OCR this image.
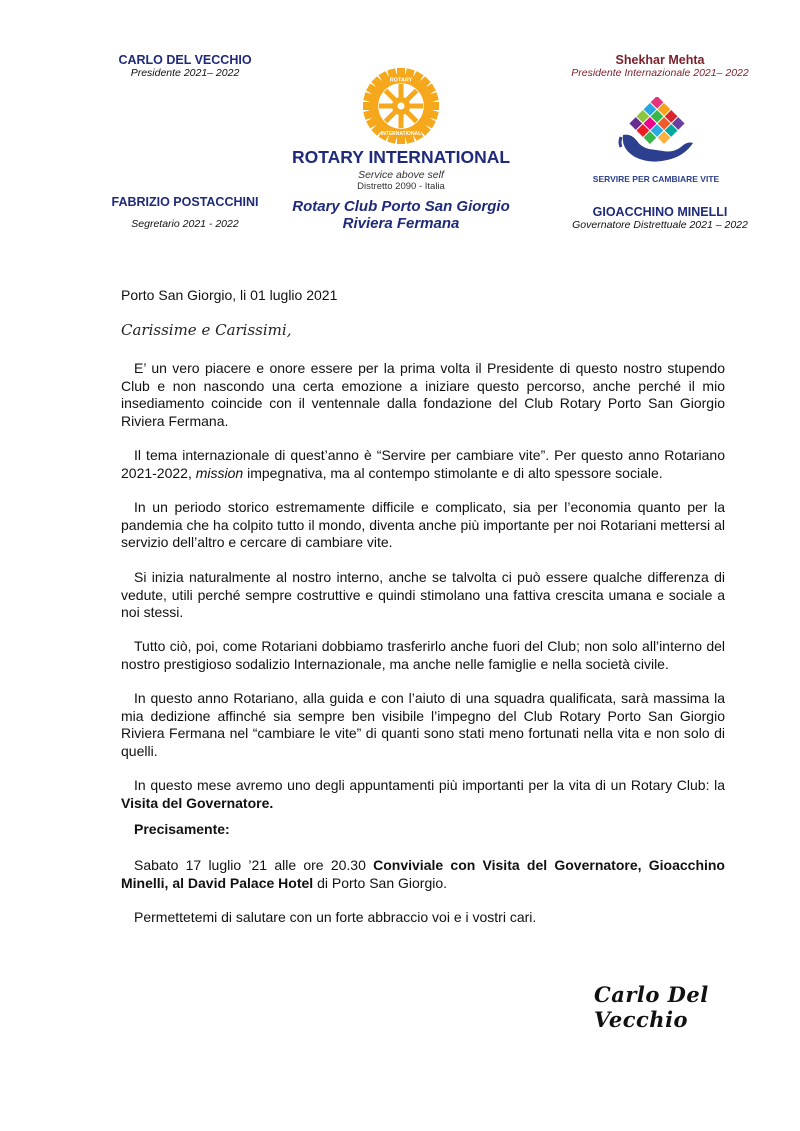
CARLO DEL VECCHIO
Presidente 2021– 2022
FABRIZIO POSTACCHINI
Segretario 2021 - 2022
ROTARY
INTERNATIONAL
ROTARY INTERNATIONAL
Service above self
Distretto 2090 - Italia
Rotary Club Porto San Giorgio
Riviera Fermana
Shekhar Mehta
Presidente Internazionale 2021– 2022
SERVIRE PER CAMBIARE VITE
GIOACCHINO MINELLI
Governatore Distrettuale 2021 – 2022
Porto San Giorgio, li 01 luglio 2021
Carissime e Carissimi,

E’ un vero piacere e onore essere per la prima volta il Presidente di questo nostro stupendo Club e non nascondo una certa emozione a iniziare questo percorso, anche perché il mio insediamento coincide con il ventennale dalla fondazione del Club Rotary Porto San Giorgio Riviera Fermana.

Il tema internazionale di quest’anno è “Servire per cambiare vite”. Per questo anno Rotariano 2021-2022, mission impegnativa, ma al contempo stimolante e di alto spessore sociale.

In un periodo storico estremamente difficile e complicato, sia per l’economia quanto per la pandemia che ha colpito tutto il mondo, diventa anche più importante per noi Rotariani mettersi al servizio dell’altro e cercare di cambiare vite.

Si inizia naturalmente al nostro interno, anche se talvolta ci può essere qualche differenza di vedute, utili perché sempre costruttive e quindi stimolano una fattiva crescita umana e sociale a noi stessi.

Tutto ciò, poi, come Rotariani dobbiamo trasferirlo anche fuori del Club; non solo all’interno del nostro prestigioso sodalizio Internazionale, ma anche nelle famiglie e nella società civile.

In questo anno Rotariano, alla guida e con l’aiuto di una squadra qualificata, sarà massima la mia dedizione affinché sia sempre ben visibile l’impegno del Club Rotary Porto San Giorgio Riviera Fermana nel “cambiare le vite” di quanti sono stati meno fortunati nella vita e non solo di quelli.

In questo mese avremo uno degli appuntamenti più importanti per la vita di un Rotary Club: la Visita del Governatore.

Precisamente:

Sabato 17 luglio ’21 alle ore 20.30 Conviviale con Visita del Governatore, Gioacchino Minelli, al David Palace Hotel di Porto San Giorgio.

Permettetemi di salutare con un forte abbraccio voi e i vostri cari.

Carlo Del Vecchio
